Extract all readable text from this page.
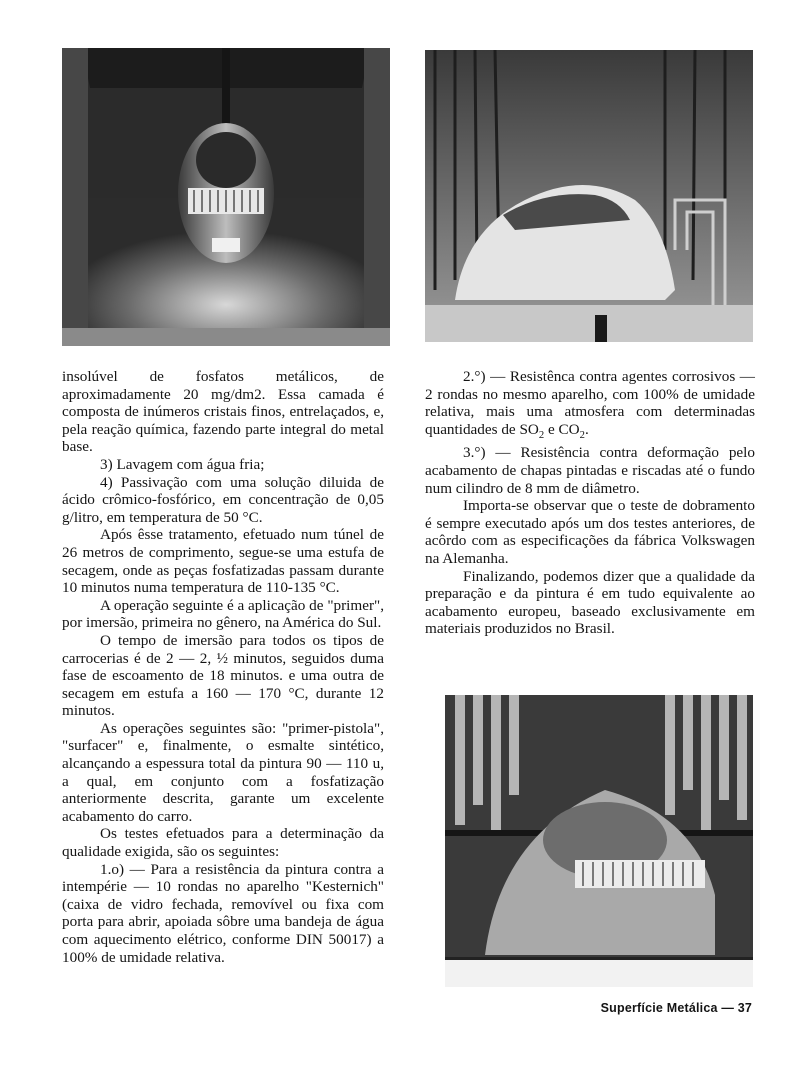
insolúvel de fosfatos metálicos, de aproximadamente 20 mg/dm2. Essa camada é composta de inúmeros cristais finos, entrelaçados, e, pela reação química, fazendo parte integral do metal base.

3) Lavagem com água fria;

4) Passivação com uma solução diluida de ácido crômico-fosfórico, em concentração de 0,05 g/litro, em temperatura de 50 °C.

Após êsse tratamento, efetuado num túnel de 26 metros de comprimento, segue-se uma estufa de secagem, onde as peças fosfatizadas passam durante 10 minutos numa temperatura de 110-135 °C.

A operação seguinte é a aplicação de "primer", por imersão, primeira no gênero, na América do Sul.

O tempo de imersão para todos os tipos de carrocerias é de 2 — 2, ½ minutos, seguidos duma fase de escoamento de 18 minutos. e uma outra de secagem em estufa a 160 — 170 °C, durante 12 minutos.

As operações seguintes são: "primer-pistola", "surfacer" e, finalmente, o esmalte sintético, alcançando a espessura total da pintura 90 — 110 u, a qual, em conjunto com a fosfatização anteriormente descrita, garante um excelente acabamento do carro.

Os testes efetuados para a determinação da qualidade exigida, são os seguintes:

1.o) — Para a resistência da pintura contra a intempérie — 10 rondas no aparelho "Kesternich" (caixa de vidro fechada, removível ou fixa com porta para abrir, apoiada sôbre uma bandeja de água com aquecimento elétrico, conforme DIN 50017) a 100% de umidade relativa.

2.°) — Resistênca contra agentes corrosivos — 2 rondas no mesmo aparelho, com 100% de umidade relativa, mais uma atmosfera com determinadas quantidades de $SO_2$ e $CO_2$.

3.°) — Resistência contra deformação pelo acabamento de chapas pintadas e riscadas até o fundo num cilindro de 8 mm de diâmetro.

Importa-se observar que o teste de dobramento é sempre executado após um dos testes anteriores, de acôrdo com as especificações da fábrica Volkswagen na Alemanha.

Finalizando, podemos dizer que a qualidade da preparação e da pintura é em tudo equivalente ao acabamento europeu, baseado exclusivamente em materiais produzidos no Brasil.

Superfície Metálica — 37
